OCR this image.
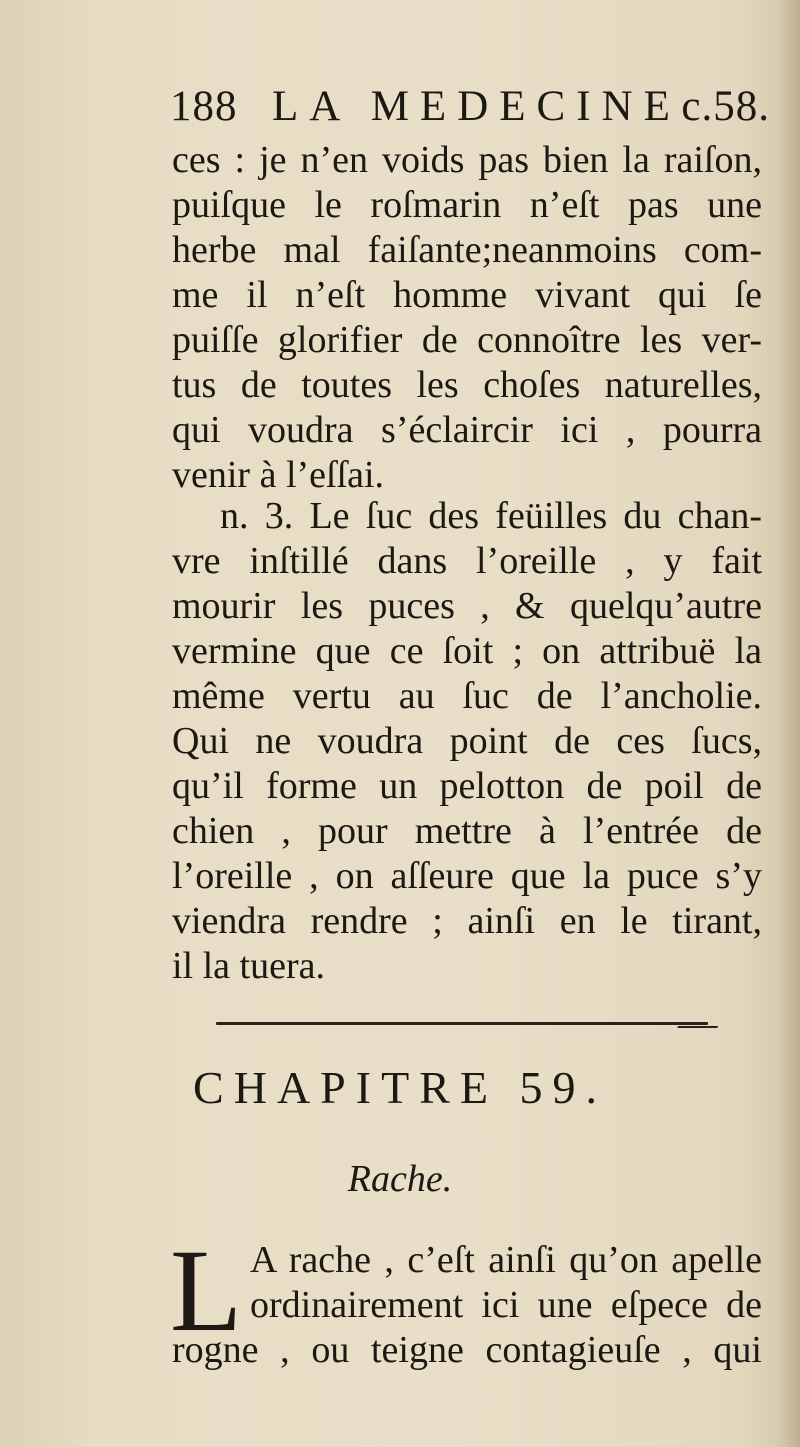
188 LA MEDECINE c.58.
ces : je n’en voids pas bien la raiſon,
puiſque le roſmarin n’eſt pas une
herbe mal faiſante;neanmoins com-
me il n’eſt homme vivant qui ſe
puiſſe glorifier de connoître les ver-
tus de toutes les choſes naturelles,
qui voudra s’éclaircir ici , pourra
venir à l’eſſai.
n. 3. Le ſuc des feüilles du chan-
vre inſtillé dans l’oreille , y fait
mourir les puces , & quelqu’autre
vermine que ce ſoit ; on attribuë la
même vertu au ſuc de l’ancholie.
Qui ne voudra point de ces ſucs,
qu’il forme un pelotton de poil de
chien , pour mettre à l’entrée de
l’oreille , on aſſeure que la puce s’y
viendra rendre ; ainſi en le tirant,
il la tuera.
CHAPITRE 59.
Rache.
L A rache , c’eſt ainſi qu’on apelle
ordinairement ici une eſpece de
rogne , ou teigne contagieuſe , qui
